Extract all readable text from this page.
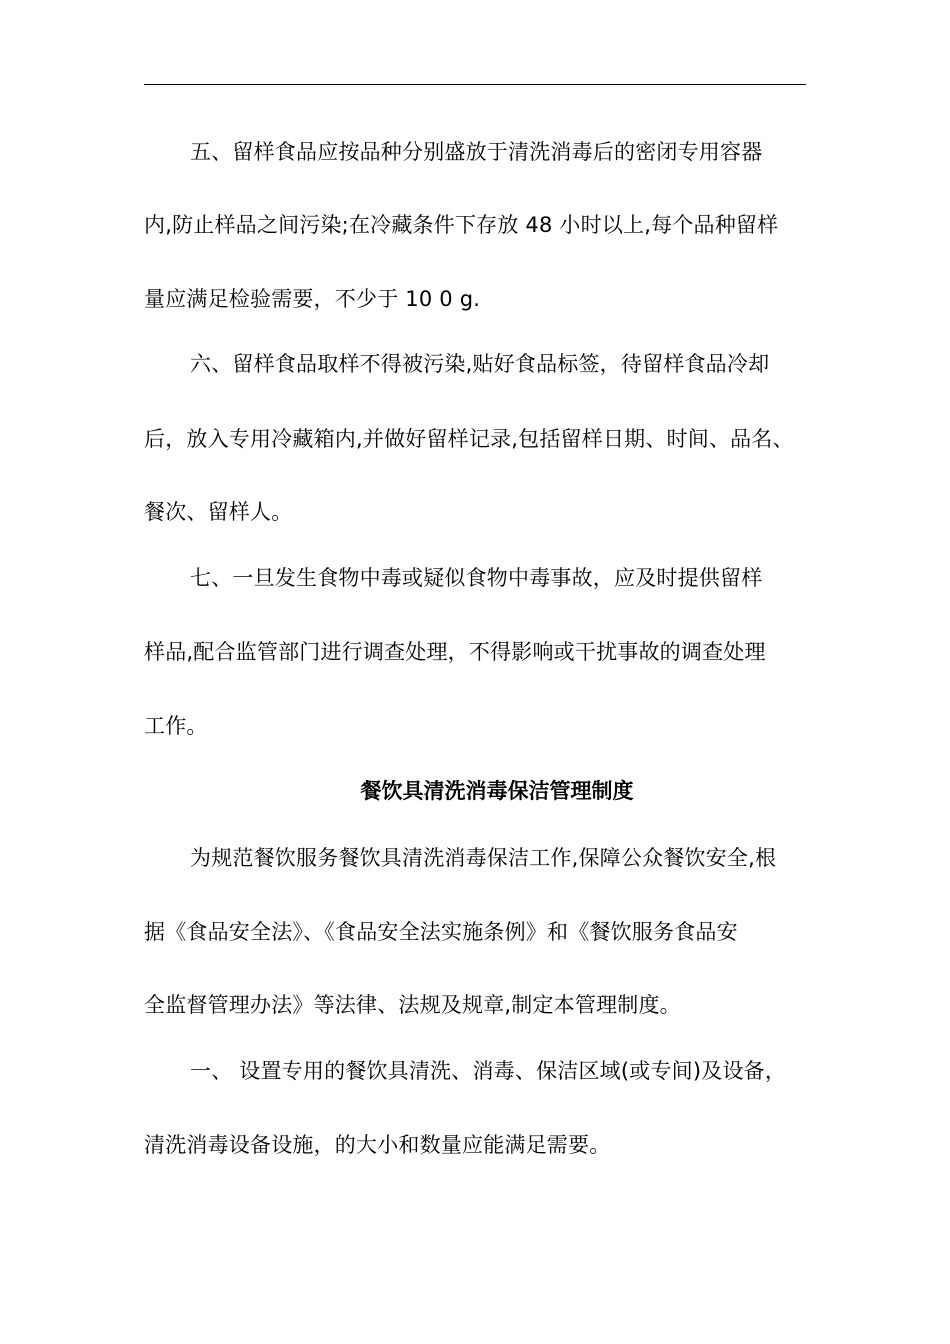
五、留样食品应按品种分别盛放于清洗消毒后的密闭专用容器
内,防止样品之间污染;在冷藏条件下存放 48 小时以上,每个品种留样
量应满足检验需要，不少于 10 0 g.
六、留样食品取样不得被污染,贴好食品标签，待留样食品冷却
后，放入专用冷藏箱内,并做好留样记录,包括留样日期、时间、品名、
餐次、留样人。
七、一旦发生食物中毒或疑似食物中毒事故，应及时提供留样
样品,配合监管部门进行调查处理，不得影响或干扰事故的调查处理
工作。
餐饮具清洗消毒保洁管理制度
为规范餐饮服务餐饮具清洗消毒保洁工作,保障公众餐饮安全,根
据《食品安全法》、《食品安全法实施条例》和《餐饮服务食品安
全监督管理办法》等法律、法规及规章,制定本管理制度。
一、 设置专用的餐饮具清洗、消毒、保洁区域(或专间)及设备，
清洗消毒设备设施，的大小和数量应能满足需要。
